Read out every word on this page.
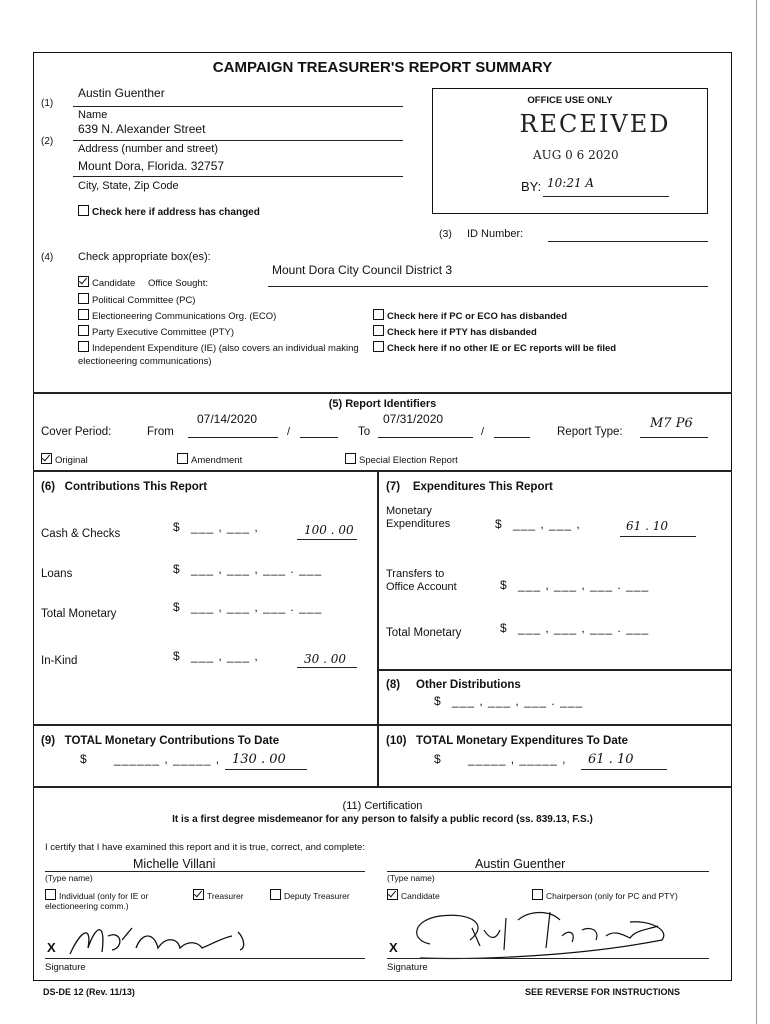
CAMPAIGN TREASURER'S REPORT SUMMARY
(1)
Austin Guenther
Name
(2)
639 N. Alexander Street
Address (number and street)
Mount Dora, Florida. 32757
City, State, Zip Code
Check here if address has changed
OFFICE USE ONLY
RECEIVED
AUG 0 6 2020
BY: 10:21 A
(3) ID Number:
(4) Check appropriate box(es):
Candidate Office Sought:
Mount Dora City Council District 3
Political Committee (PC)
Electioneering Communications Org. (ECO)
Party Executive Committee (PTY)
Independent Expenditure (IE) (also covers an individual making electioneering communications)
Check here if PC or ECO has disbanded
Check here if PTY has disbanded
Check here if no other IE or EC reports will be filed
(5) Report Identifiers
Cover Period:	From
07/14/2020
/	To
07/31/2020
/	Report Type:
M7 P6
Original	Amendment	Special Election Report
(6) Contributions This Report
Cash & Checks	$ ___ , ___ ,	100 . 00
Loans	$ ___ , ___ , ___ . ___
Total Monetary	$ ___ , ___ , ___ . ___
In-Kind	$ ___ , ___ ,	30 . 00
(7) Expenditures This Report
Monetary
Expenditures	$ ___ , ___ ,	61 . 10
Transfers to
Office Account	$ ___ , ___ , ___ . ___
Total Monetary	$ ___ , ___ , ___ . ___
(8) Other Distributions
$ ___ , ___ , ___ . ___
(9) TOTAL Monetary Contributions To Date
$ ______ , _____ , 130 . 00
(10) TOTAL Monetary Expenditures To Date
$ _____ , _____ , 61 . 10
(11) Certification
It is a first degree misdemeanor for any person to falsify a public record (ss. 839.13, F.S.)
I certify that I have examined this report and it is true, correct, and complete:
Michelle Villani
(Type name)
Individual (only for IE or electioneering comm.)
Treasurer	Deputy Treasurer
X
Signature
Austin Guenther
(Type name)
Candidate	Chairperson (only for PC and PTY)
X
Signature
DS-DE 12 (Rev. 11/13)	SEE REVERSE FOR INSTRUCTIONS
